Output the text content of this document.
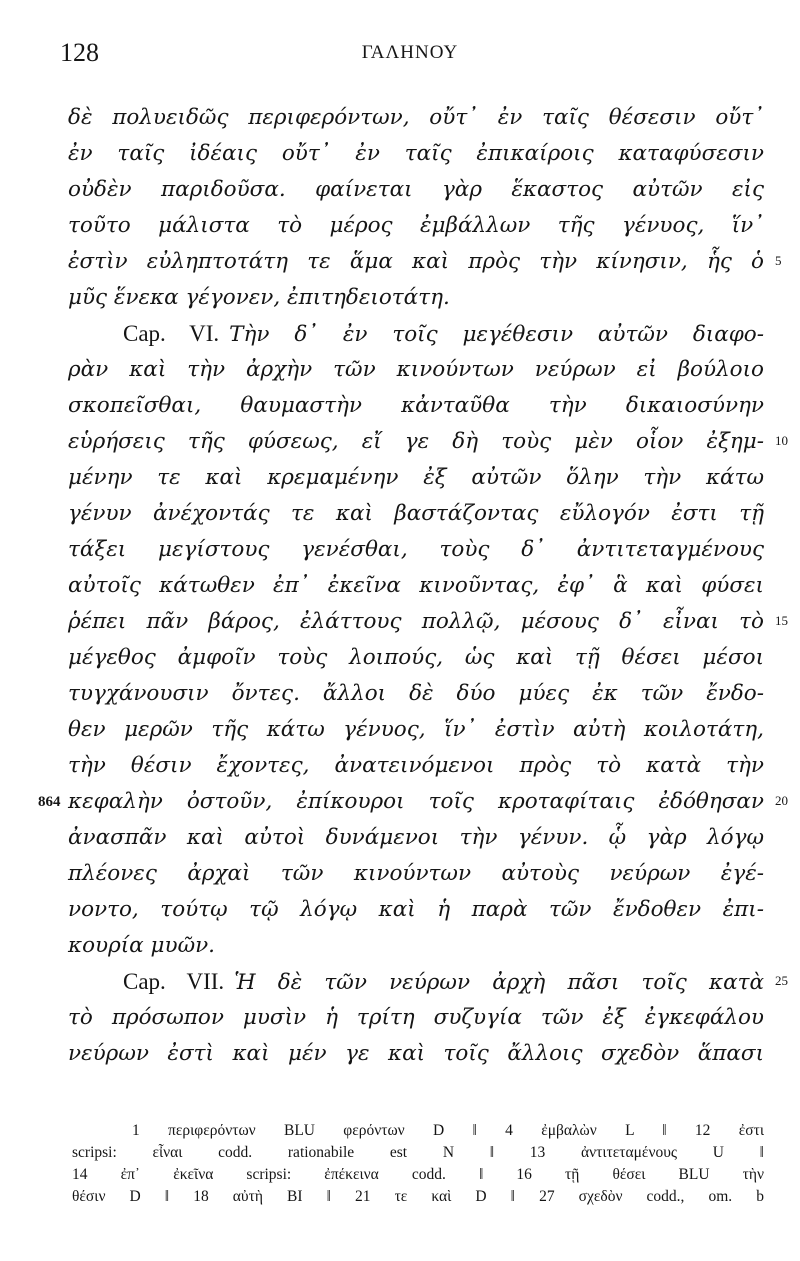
128	ΓΑΛΗΝΟΥ
δὲ πολυειδῶς περιφερόντων, οὔτ᾽ ἐν ταῖς θέσεσιν οὔτ᾽
ἐν ταῖς ἰδέαις οὔτ᾽ ἐν ταῖς ἐπικαίροις καταφύσεσιν
οὐδὲν παριδοῦσα. φαίνεται γὰρ ἕκαστος αὐτῶν εἰς
τοῦτο μάλιστα τὸ μέρος ἐμβάλλων τῆς γένυος, ἵν᾽
ἐστὶν εὐληπτοτάτη τε ἅμα καὶ πρὸς τὴν κίνησιν, ἧς ὁ
μῦς ἕνεκα γέγονεν, ἐπιτηδειοτάτη.
Cap. VI. Τὴν δ᾽ ἐν τοῖς μεγέθεσιν αὐτῶν διαφο-
ρὰν καὶ τὴν ἀρχὴν τῶν κινούντων νεύρων εἰ βούλοιο
σκοπεῖσθαι, θαυμαστὴν κἀνταῦθα τὴν δικαιοσύνην
εὑρήσεις τῆς φύσεως, εἴ γε δὴ τοὺς μὲν οἷον ἐξημ-
μένην τε καὶ κρεμαμένην ἐξ αὐτῶν ὅλην τὴν κάτω
γένυν ἀνέχοντάς τε καὶ βαστάζοντας εὔλογόν ἐστι τῇ
τάξει μεγίστους γενέσθαι, τοὺς δ᾽ ἀντιτεταγμένους
αὐτοῖς κάτωθεν ἐπ᾽ ἐκεῖνα κινοῦντας, ἐφ᾽ ἃ καὶ φύσει
ῥέπει πᾶν βάρος, ἐλάττους πολλῷ, μέσους δ᾽ εἶναι τὸ
μέγεθος ἀμφοῖν τοὺς λοιπούς, ὡς καὶ τῇ θέσει μέσοι
τυγχάνουσιν ὄντες. ἄλλοι δὲ δύο μύες ἐκ τῶν ἔνδο-
θεν μερῶν τῆς κάτω γένυος, ἵν᾽ ἐστὶν αὐτὴ κοιλοτάτη,
τὴν θέσιν ἔχοντες, ἀνατεινόμενοι πρὸς τὸ κατὰ τὴν
κεφαλὴν ὀστοῦν, ἐπίκουροι τοῖς κροταφίταις ἐδόθησαν
ἀνασπᾶν καὶ αὐτοὶ δυνάμενοι τὴν γένυν. ᾧ γὰρ λόγῳ
πλέονες ἀρχαὶ τῶν κινούντων αὐτοὺς νεύρων ἐγέ-
νοντο, τούτῳ τῷ λόγῳ καὶ ἡ παρὰ τῶν ἔνδοθεν ἐπι-
κουρία μυῶν.
Cap. VII. Ἡ δὲ τῶν νεύρων ἀρχὴ πᾶσι τοῖς κατὰ
τὸ πρόσωπον μυσὶν ἡ τρίτη συζυγία τῶν ἐξ ἐγκεφάλου
νεύρων ἐστὶ καὶ μέν γε καὶ τοῖς ἄλλοις σχεδὸν ἅπασι
5
10
15
20
25
864
1 περιφερόντων BLU φερόντων D ‖ 4 ἐμβαλὼν L ‖ 12 ἐστι
scripsi: εἶναι codd. rationabile est N ‖ 13 ἀντιτεταμένους U ‖
14 ἐπ᾽ ἐκεῖνα scripsi: ἐπέκεινα codd. ‖ 16 τῇ θέσει BLU τὴν
θέσιν D ‖ 18 αὐτὴ BI ‖ 21 τε καὶ D ‖ 27 σχεδὸν codd., om. b
